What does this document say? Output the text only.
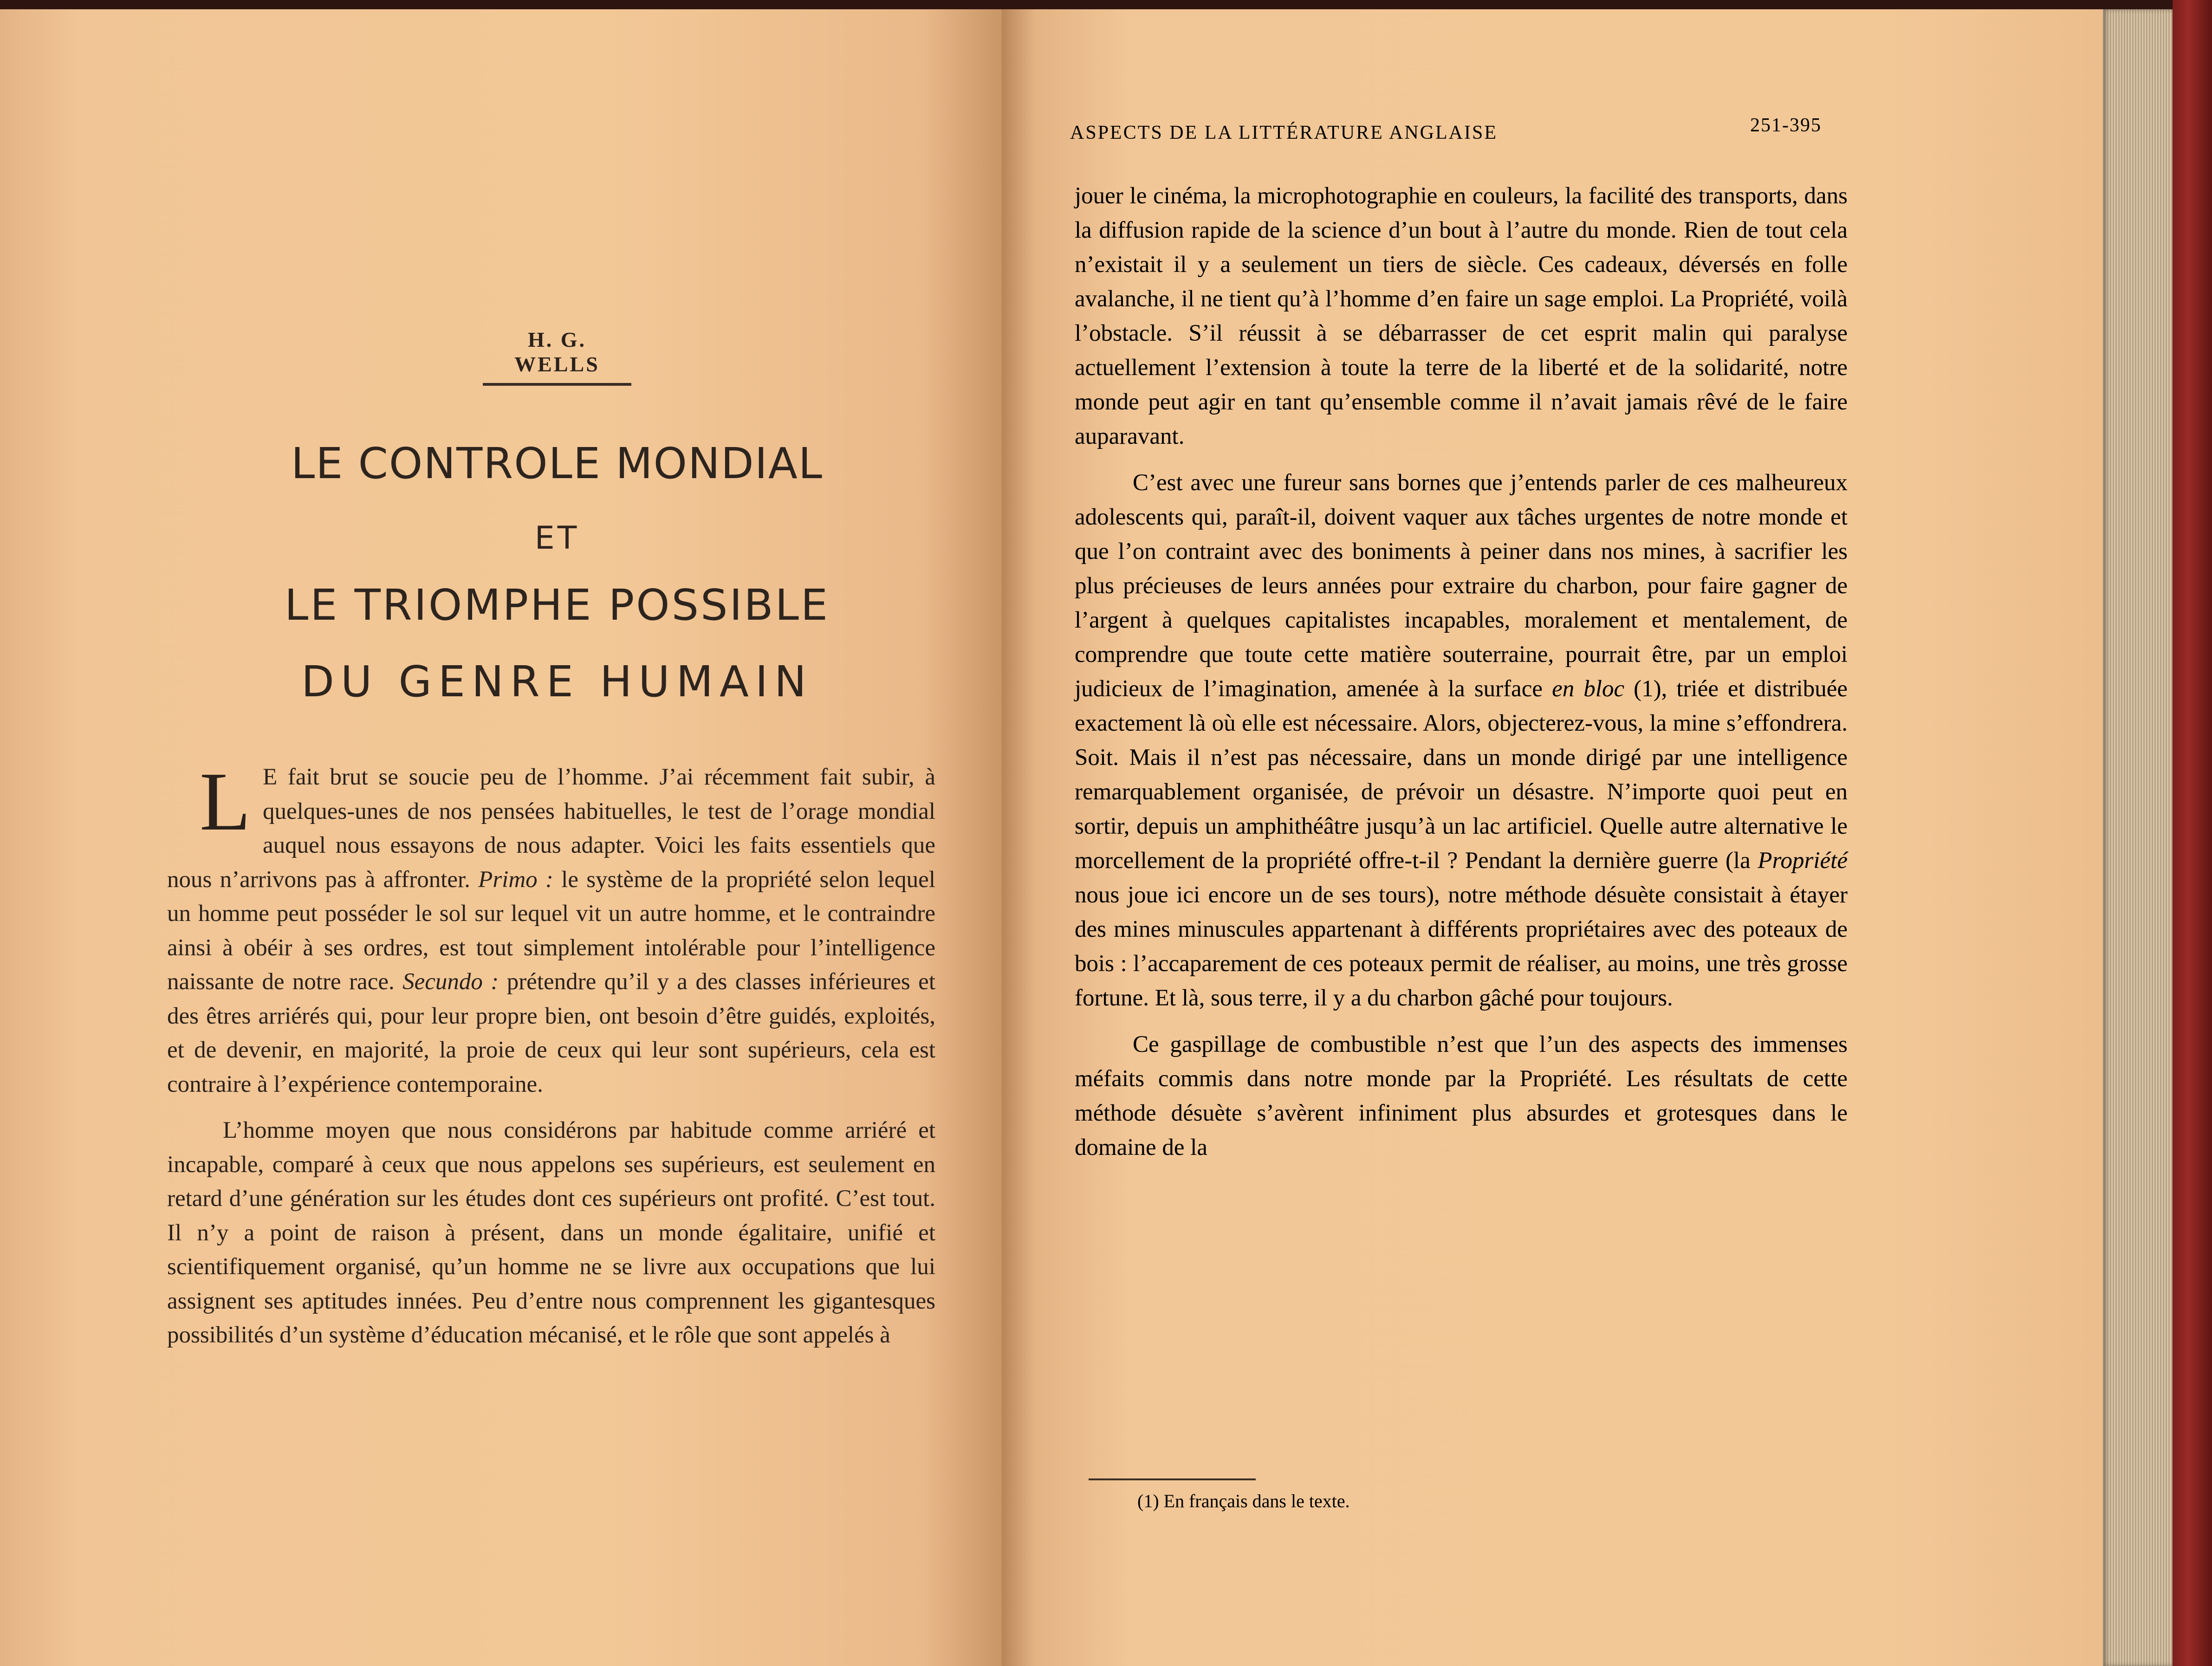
H. G. WELLS
LE CONTROLE MONDIAL
ET
LE TRIOMPHE POSSIBLE
DU GENRE HUMAIN

L E fait brut se soucie peu de l’homme. J’ai récemment fait subir, à quelques-unes de nos pensées habituelles, le test de l’orage mondial auquel nous essayons de nous adapter. Voici les faits essentiels que nous n’arrivons pas à affronter. Primo : le système de la propriété selon lequel un homme peut posséder le sol sur lequel vit un autre homme, et le contraindre ainsi à obéir à ses ordres, est tout simplement intolérable pour l’intelligence naissante de notre race. Secundo : prétendre qu’il y a des classes inférieures et des êtres arriérés qui, pour leur propre bien, ont besoin d’être guidés, exploités, et de devenir, en majorité, la proie de ceux qui leur sont supérieurs, cela est contraire à l’expérience contemporaine.

L’homme moyen que nous considérons par habitude comme arriéré et incapable, comparé à ceux que nous appelons ses supérieurs, est seulement en retard d’une génération sur les études dont ces supérieurs ont profité. C’est tout. Il n’y a point de raison à présent, dans un monde égalitaire, unifié et scientifiquement organisé, qu’un homme ne se livre aux occupations que lui assignent ses aptitudes innées. Peu d’entre nous comprennent les gigantesques possibilités d’un système d’éducation mécanisé, et le rôle que sont appelés à

ASPECTS DE LA LITTÉRATURE ANGLAISE	251-395

jouer le cinéma, la microphotographie en couleurs, la facilité des transports, dans la diffusion rapide de la science d’un bout à l’autre du monde. Rien de tout cela n’existait il y a seulement un tiers de siècle. Ces cadeaux, déversés en folle avalanche, il ne tient qu’à l’homme d’en faire un sage emploi. La Propriété, voilà l’obstacle. S’il réussit à se débarrasser de cet esprit malin qui paralyse actuellement l’extension à toute la terre de la liberté et de la solidarité, notre monde peut agir en tant qu’ensemble comme il n’avait jamais rêvé de le faire auparavant.

C’est avec une fureur sans bornes que j’entends parler de ces malheureux adolescents qui, paraît-il, doivent vaquer aux tâches urgentes de notre monde et que l’on contraint avec des boniments à peiner dans nos mines, à sacrifier les plus précieuses de leurs années pour extraire du charbon, pour faire gagner de l’argent à quelques capitalistes incapables, moralement et mentalement, de comprendre que toute cette matière souterraine, pourrait être, par un emploi judicieux de l’imagination, amenée à la surface en bloc (1), triée et distribuée exactement là où elle est nécessaire. Alors, objecterez-vous, la mine s’effondrera. Soit. Mais il n’est pas nécessaire, dans un monde dirigé par une intelligence remarquablement organisée, de prévoir un désastre. N’importe quoi peut en sortir, depuis un amphithéâtre jusqu’à un lac artificiel. Quelle autre alternative le morcellement de la propriété offre-t-il ? Pendant la dernière guerre (la Propriété nous joue ici encore un de ses tours), notre méthode désuète consistait à étayer des mines minuscules appartenant à différents propriétaires avec des poteaux de bois : l’accaparement de ces poteaux permit de réaliser, au moins, une très grosse fortune. Et là, sous terre, il y a du charbon gâché pour toujours.

Ce gaspillage de combustible n’est que l’un des aspects des immenses méfaits commis dans notre monde par la Propriété. Les résultats de cette méthode désuète s’avèrent infiniment plus absurdes et grotesques dans le domaine de la

(1) En français dans le texte.
